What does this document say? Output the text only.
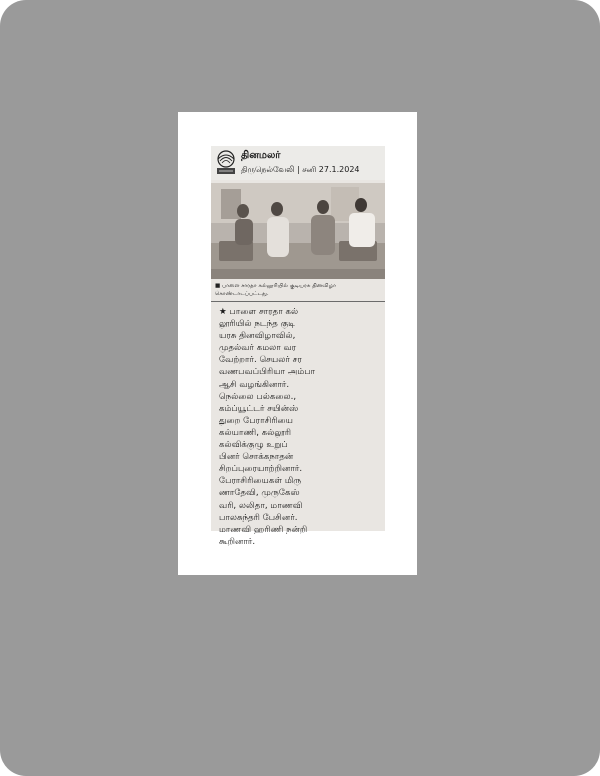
தினமலர்
திருநெல்வேலி | சனி 27.1.2024
■ பாளை சாரதா கல்லூரியில் குடியரசு தினவிழா கொண்டாடப்பட்டது.
★ பாளை சாரதா கல்
லூரியில் நடந்த குடி
யரசு தினவிழாவில்,
முதல்வர் கமலா வர
வேற்றார். செயலர் சர
வணபவப்பிரியா அம்பா
ஆசி வழங்கினார்.
நெல்லை பல்கலை.,
கம்ப்யூட்டர் சயின்ஸ்
துறை பேராசிரியை
கல்யாணி, கல்லூரி
கல்விக்குழு உறுப்
பினர் சொக்கநாதன்
சிறப்புரையாற்றினார்.
பேராசிரியைகள் மிரு
ணாதேவி, முருகேஸ்
வரி, லலிதா, மாணவி
பாலசுந்தரி பேசினர்.
மாணவி ஹரிணி நன்றி
கூறினார்.
